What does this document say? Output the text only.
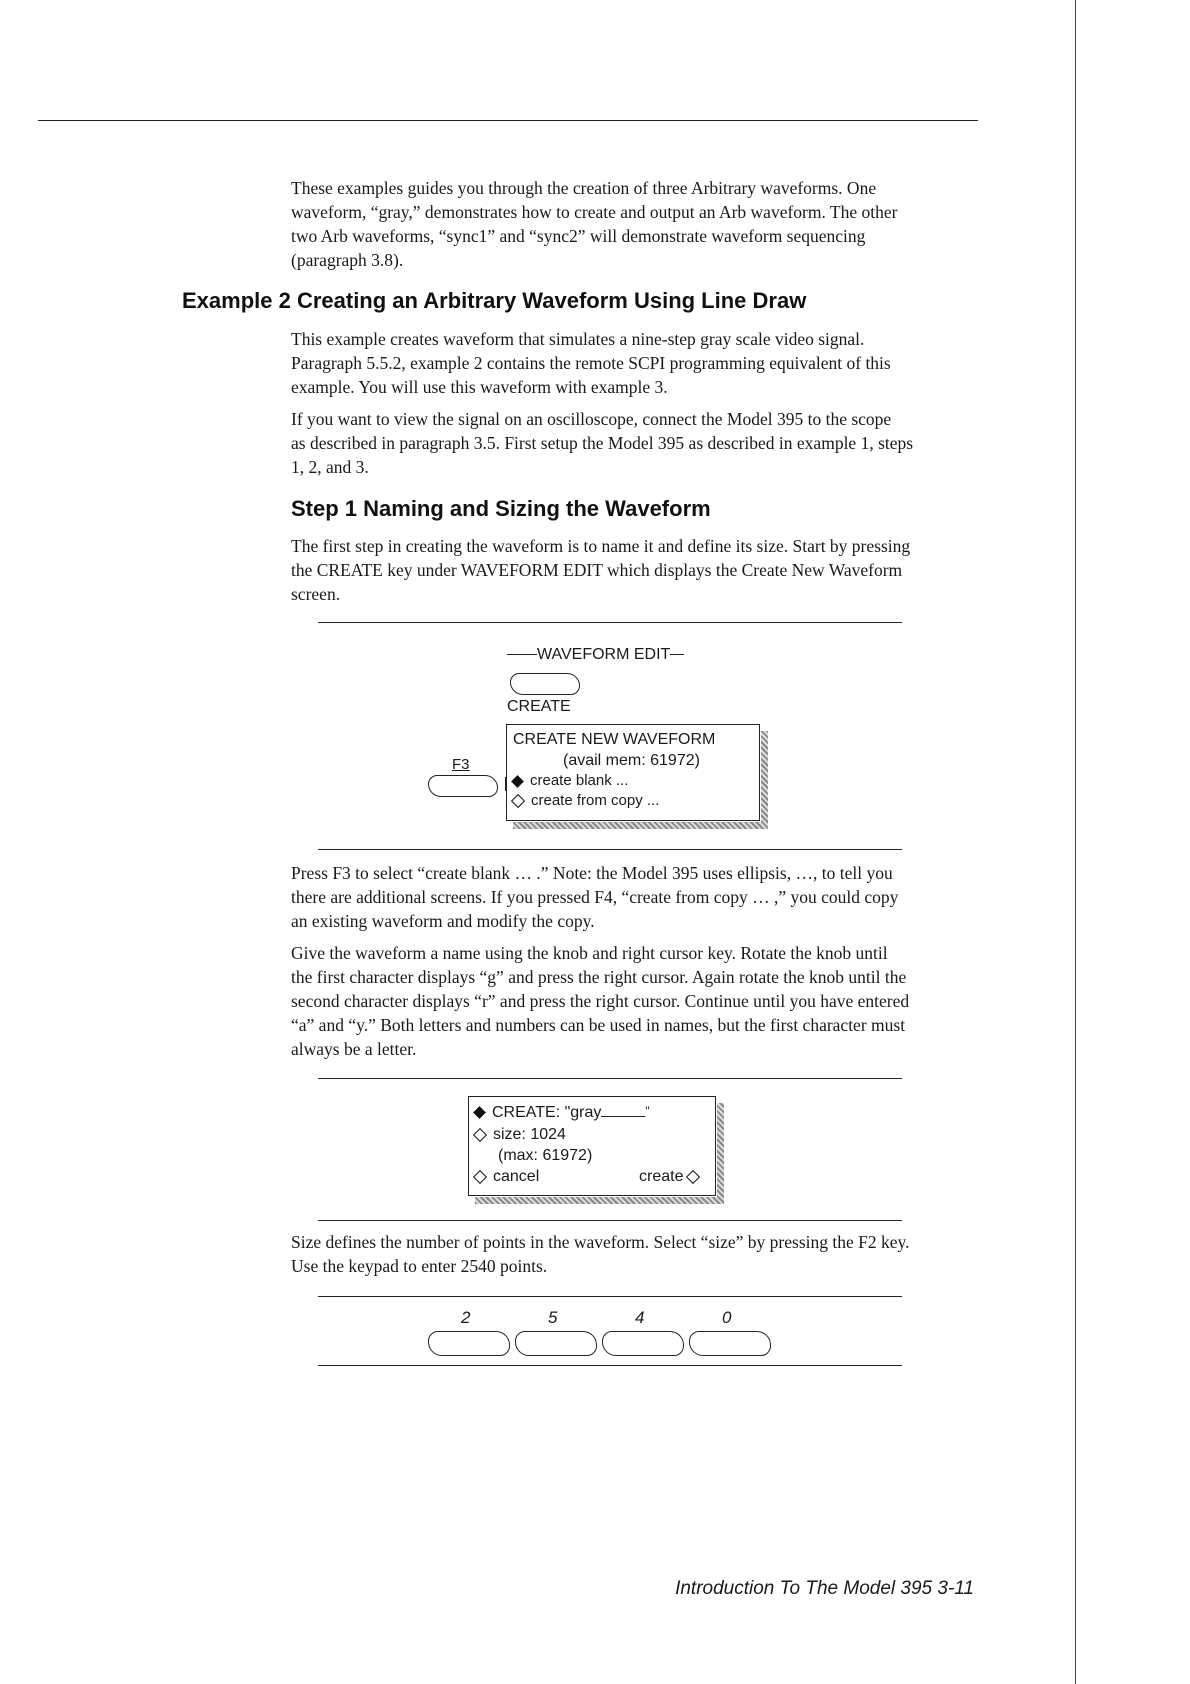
These examples guides you through the creation of three Arbitrary waveforms. One
waveform, “gray,” demonstrates how to create and output an Arb waveform. The other
two Arb waveforms, “sync1” and “sync2” will demonstrate waveform sequencing
(paragraph 3.8).
Example 2 Creating an Arbitrary Waveform Using Line Draw
This example creates waveform that simulates a nine-step gray scale video signal.
Paragraph 5.5.2, example 2 contains the remote SCPI programming equivalent of this
example. You will use this waveform with example 3.
If you want to view the signal on an oscilloscope, connect the Model 395 to the scope
as described in paragraph 3.5. First setup the Model 395 as described in example 1, steps
1, 2, and 3.
Step 1 Naming and Sizing the Waveform
The first step in creating the waveform is to name it and define its size. Start by pressing
the CREATE key under WAVEFORM EDIT which displays the Create New Waveform
screen.
WAVEFORM EDIT
CREATE
F3
CREATE NEW WAVEFORM
(avail mem: 61972)
create blank ...
create from copy ...
Press F3 to select “create blank … .” Note: the Model 395 uses ellipsis, …, to tell you
there are additional screens. If you pressed F4, “create from copy … ,” you could copy
an existing waveform and modify the copy.
Give the waveform a name using the knob and right cursor key. Rotate the knob until
the first character displays “g” and press the right cursor. Again rotate the knob until the
second character displays “r” and press the right cursor. Continue until you have entered
“a” and “y.” Both letters and numbers can be used in names, but the first character must
always be a letter.
CREATE: "gray	"
size: 1024
(max: 61972)
cancel	create
Size defines the number of points in the waveform. Select “size” by pressing the F2 key.
Use the keypad to enter 2540 points.
2	5	4	0
Introduction To The Model 395 3-11
